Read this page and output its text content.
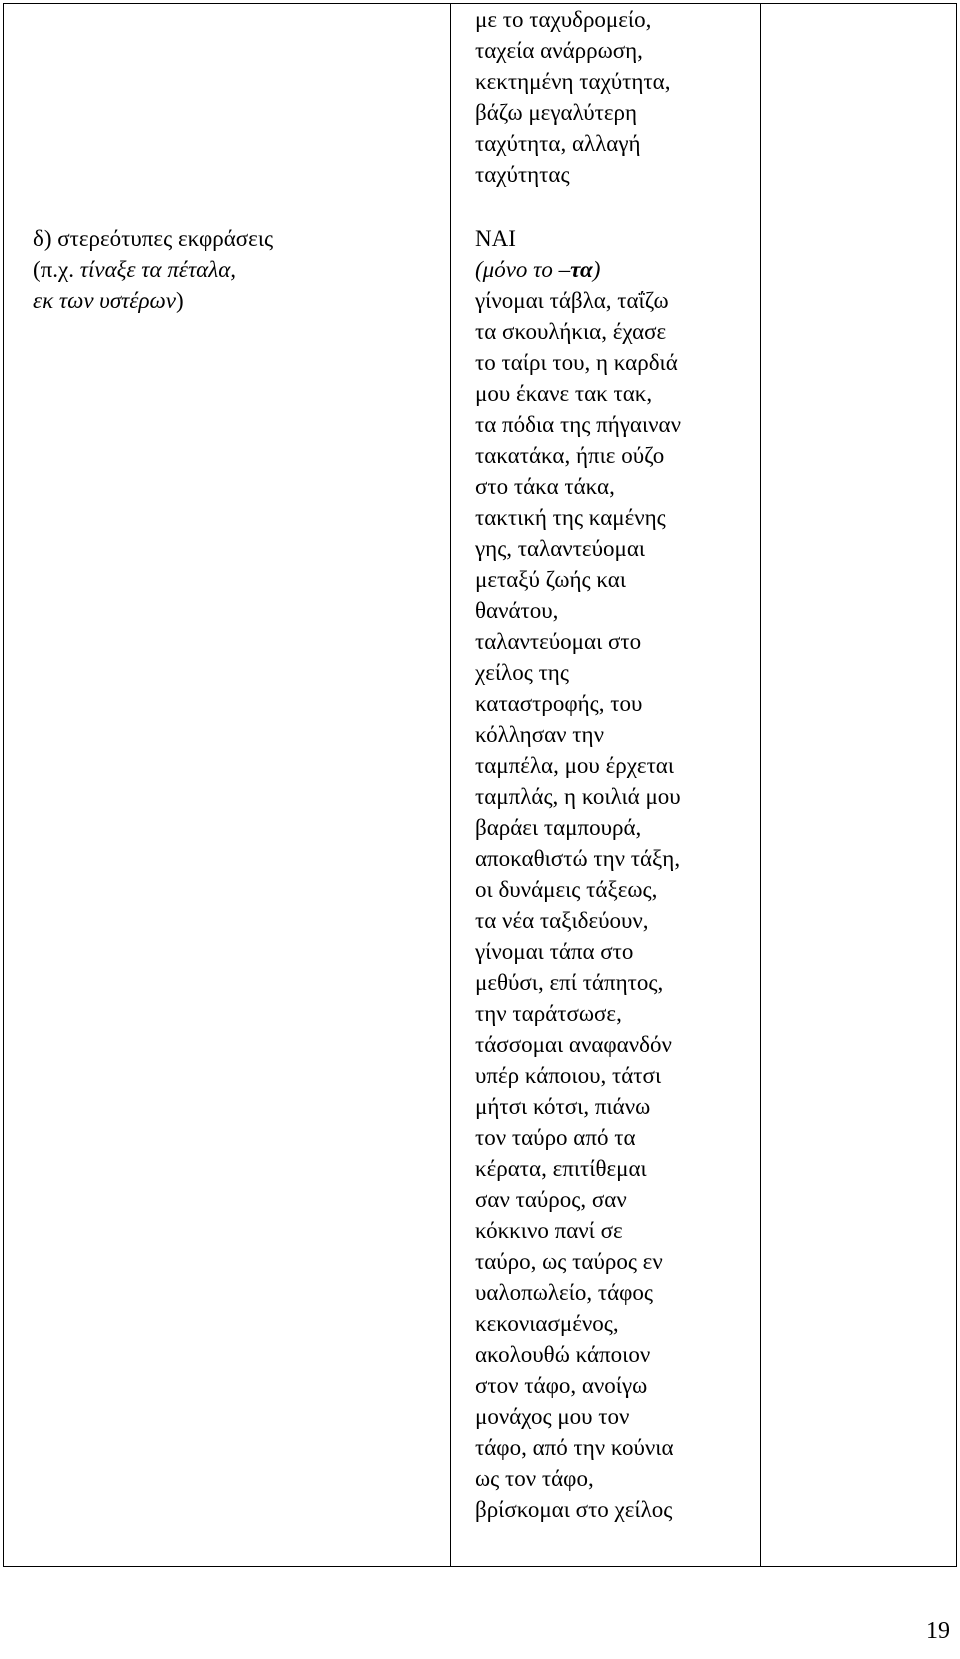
δ) στερεότυπες εκφράσεις
(π.χ. τίναξε τα πέταλα,
εκ των υστέρων)
με το ταχυδρομείο,
ταχεία ανάρρωση,
κεκτημένη ταχύτητα,
βάζω μεγαλύτερη
ταχύτητα, αλλαγή
ταχύτητας
ΝΑΙ
(μόνο το –τα)
γίνομαι τάβλα, ταΐζω
τα σκουλήκια, έχασε
το ταίρι του, η καρδιά
μου έκανε τακ τακ,
τα πόδια της πήγαιναν
τακατάκα, ήπιε ούζο
στο τάκα τάκα,
τακτική της καμένης
γης, ταλαντεύομαι
μεταξύ ζωής και
θανάτου,
ταλαντεύομαι στο
χείλος της
καταστροφής, του
κόλλησαν την
ταμπέλα, μου έρχεται
ταμπλάς, η κοιλιά μου
βαράει ταμπουρά,
αποκαθιστώ την τάξη,
οι δυνάμεις τάξεως,
τα νέα ταξιδεύουν,
γίνομαι τάπα στο
μεθύσι, επί τάπητος,
την ταράτσωσε,
τάσσομαι αναφανδόν
υπέρ κάποιου, τάτσι
μήτσι κότσι, πιάνω
τον ταύρο από τα
κέρατα, επιτίθεμαι
σαν ταύρος, σαν
κόκκινο πανί σε
ταύρο, ως ταύρος εν
υαλοπωλείο, τάφος
κεκονιασμένος,
ακολουθώ κάποιον
στον τάφο, ανοίγω
μονάχος μου τον
τάφο, από την κούνια
ως τον τάφο,
βρίσκομαι στο χείλος
19
